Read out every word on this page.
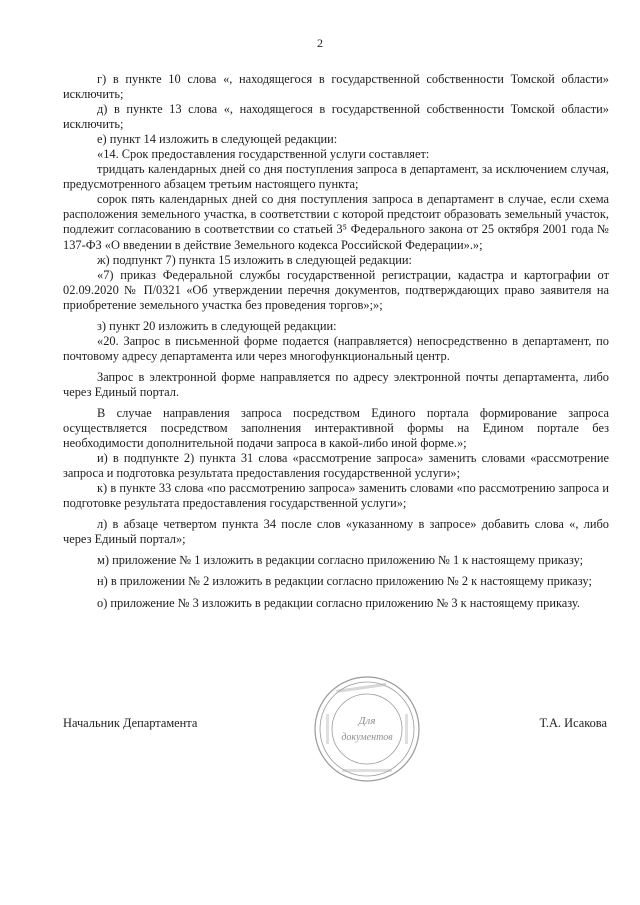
2

г) в пункте 10 слова «, находящегося в государственной собственности Томской области» исключить;

д) в пункте 13 слова «, находящегося в государственной собственности Томской области» исключить;

е) пункт 14 изложить в следующей редакции:

«14. Срок предоставления государственной услуги составляет:

тридцать календарных дней со дня поступления запроса в департамент, за исключением случая, предусмотренного абзацем третьим настоящего пункта;

сорок пять календарных дней со дня поступления запроса в департамент в случае, если схема расположения земельного участка, в соответствии с которой предстоит образовать земельный участок, подлежит согласованию в соответствии со статьей 3⁵ Федерального закона от 25 октября 2001 года № 137-ФЗ «О введении в действие Земельного кодекса Российской Федерации».»;

ж) подпункт 7) пункта 15 изложить в следующей редакции:

«7) приказ Федеральной службы государственной регистрации, кадастра и картографии от 02.09.2020 № П/0321 «Об утверждении перечня документов, подтверждающих право заявителя на приобретение земельного участка без проведения торгов»;»;

з) пункт 20 изложить в следующей редакции:

«20. Запрос в письменной форме подается (направляется) непосредственно в департамент, по почтовому адресу департамента или через многофункциональный центр.

Запрос в электронной форме направляется по адресу электронной почты департамента, либо через Единый портал.

В случае направления запроса посредством Единого портала формирование запроса осуществляется посредством заполнения интерактивной формы на Едином портале без необходимости дополнительной подачи запроса в какой-либо иной форме.»;

и) в подпункте 2) пункта 31 слова «рассмотрение запроса» заменить словами «рассмотрение запроса и подготовка результата предоставления государственной услуги»;

к) в пункте 33 слова «по рассмотрению запроса» заменить словами «по рассмотрению запроса и подготовке результата предоставления государственной услуги»;

л) в абзаце четвертом пункта 34 после слов «указанному в запросе» добавить слова «, либо через Единый портал»;

м) приложение № 1 изложить в редакции согласно приложению № 1 к настоящему приказу;

н) в приложении № 2 изложить в редакции согласно приложению № 2 к настоящему приказу;

о) приложение № 3 изложить в редакции согласно приложению № 3 к настоящему приказу.

Начальник Департамента	Т.А. Исакова
Для
документов
